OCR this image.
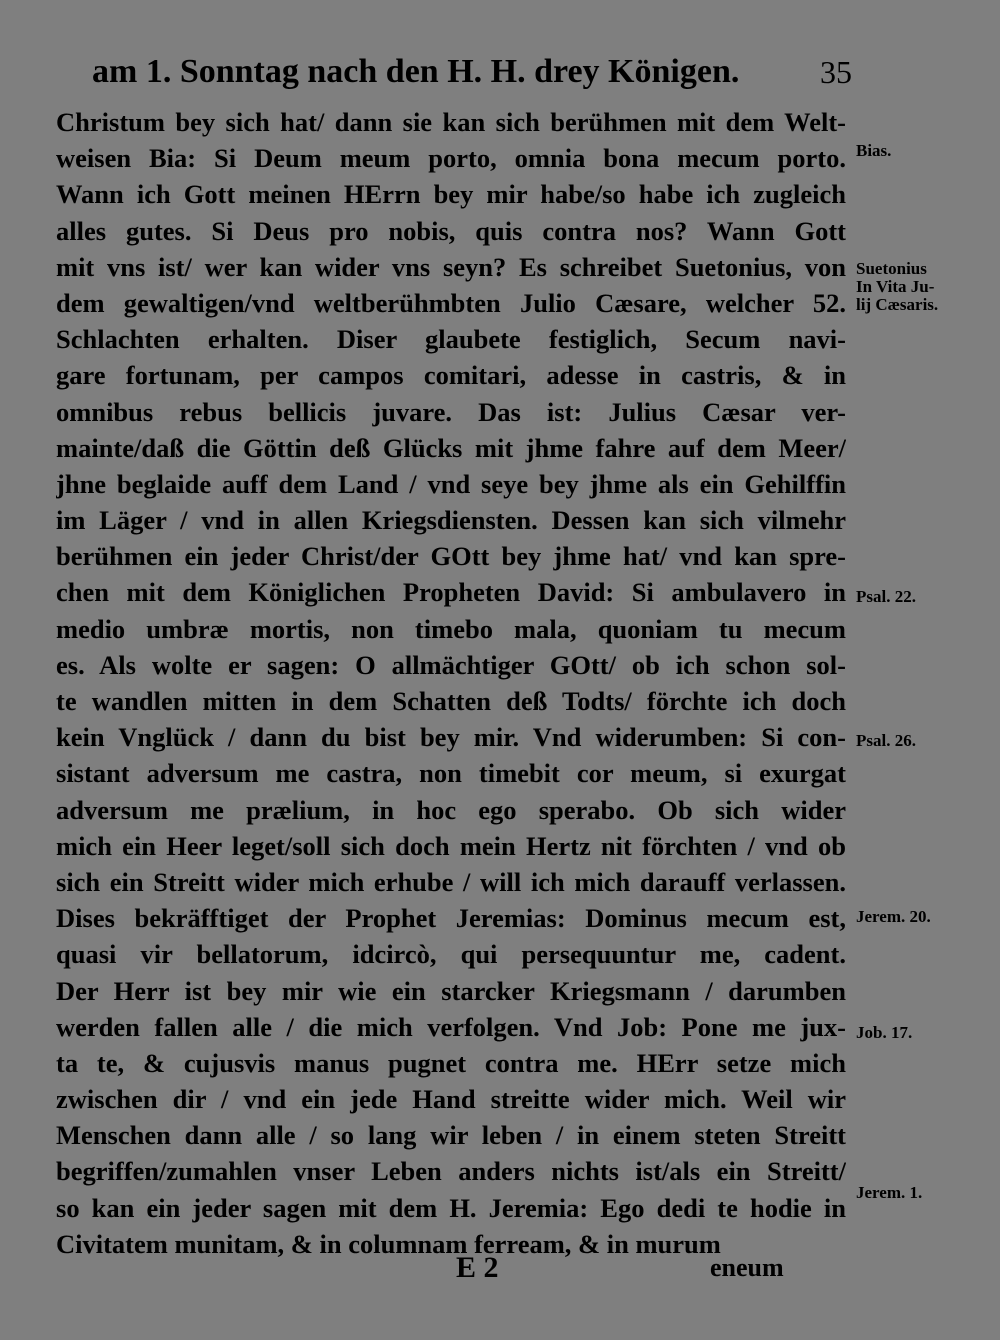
am 1. Sonntag nach den H. H. drey Königen.	35
Christum bey sich hat/ dann sie kan sich berühmen mit dem Welt-
weisen Bia: Si Deum meum porto, omnia bona mecum porto.
Wann ich Gott meinen HErrn bey mir habe/so habe ich zugleich
alles gutes. Si Deus pro nobis, quis contra nos? Wann Gott
mit vns ist/ wer kan wider vns seyn? Es schreibet Suetonius, von
dem gewaltigen/vnd weltberühmbten Julio Cæsare, welcher 52.
Schlachten erhalten. Diser glaubete festiglich, Secum navi-
gare fortunam, per campos comitari, adesse in castris, & in
omnibus rebus bellicis juvare. Das ist: Julius Cæsar ver-
mainte/daß die Göttin deß Glücks mit jhme fahre auf dem Meer/
jhne beglaide auff dem Land / vnd seye bey jhme als ein Gehilffin
im Läger / vnd in allen Kriegsdiensten. Dessen kan sich vilmehr
berühmen ein jeder Christ/der GOtt bey jhme hat/ vnd kan spre-
chen mit dem Königlichen Propheten David: Si ambulavero in
medio umbræ mortis, non timebo mala, quoniam tu mecum
es. Als wolte er sagen: O allmächtiger GOtt/ ob ich schon sol-
te wandlen mitten in dem Schatten deß Todts/ förchte ich doch
kein Vnglück / dann du bist bey mir. Vnd widerumben: Si con-
sistant adversum me castra, non timebit cor meum, si exurgat
adversum me prælium, in hoc ego sperabo. Ob sich wider
mich ein Heer leget/soll sich doch mein Hertz nit förchten / vnd ob
sich ein Streitt wider mich erhube / will ich mich darauff verlassen.
Dises bekräfftiget der Prophet Jeremias: Dominus mecum est,
quasi vir bellatorum, idcircò, qui persequuntur me, cadent.
Der Herr ist bey mir wie ein starcker Kriegsmann / darumben
werden fallen alle / die mich verfolgen. Vnd Job: Pone me jux-
ta te, & cujusvis manus pugnet contra me. HErr setze mich
zwischen dir / vnd ein jede Hand streitte wider mich. Weil wir
Menschen dann alle / so lang wir leben / in einem steten Streitt
begriffen/zumahlen vnser Leben anders nichts ist/als ein Streitt/
so kan ein jeder sagen mit dem H. Jeremia: Ego dedi te hodie in
Civitatem munitam, & in columnam ferream, & in murum
Bias.
Suetonius
In Vita Ju-
lij Cæsaris.
Psal. 22.
Psal. 26.
Jerem. 20.
Job. 17.
Jerem. 1.
E 2	eneum
